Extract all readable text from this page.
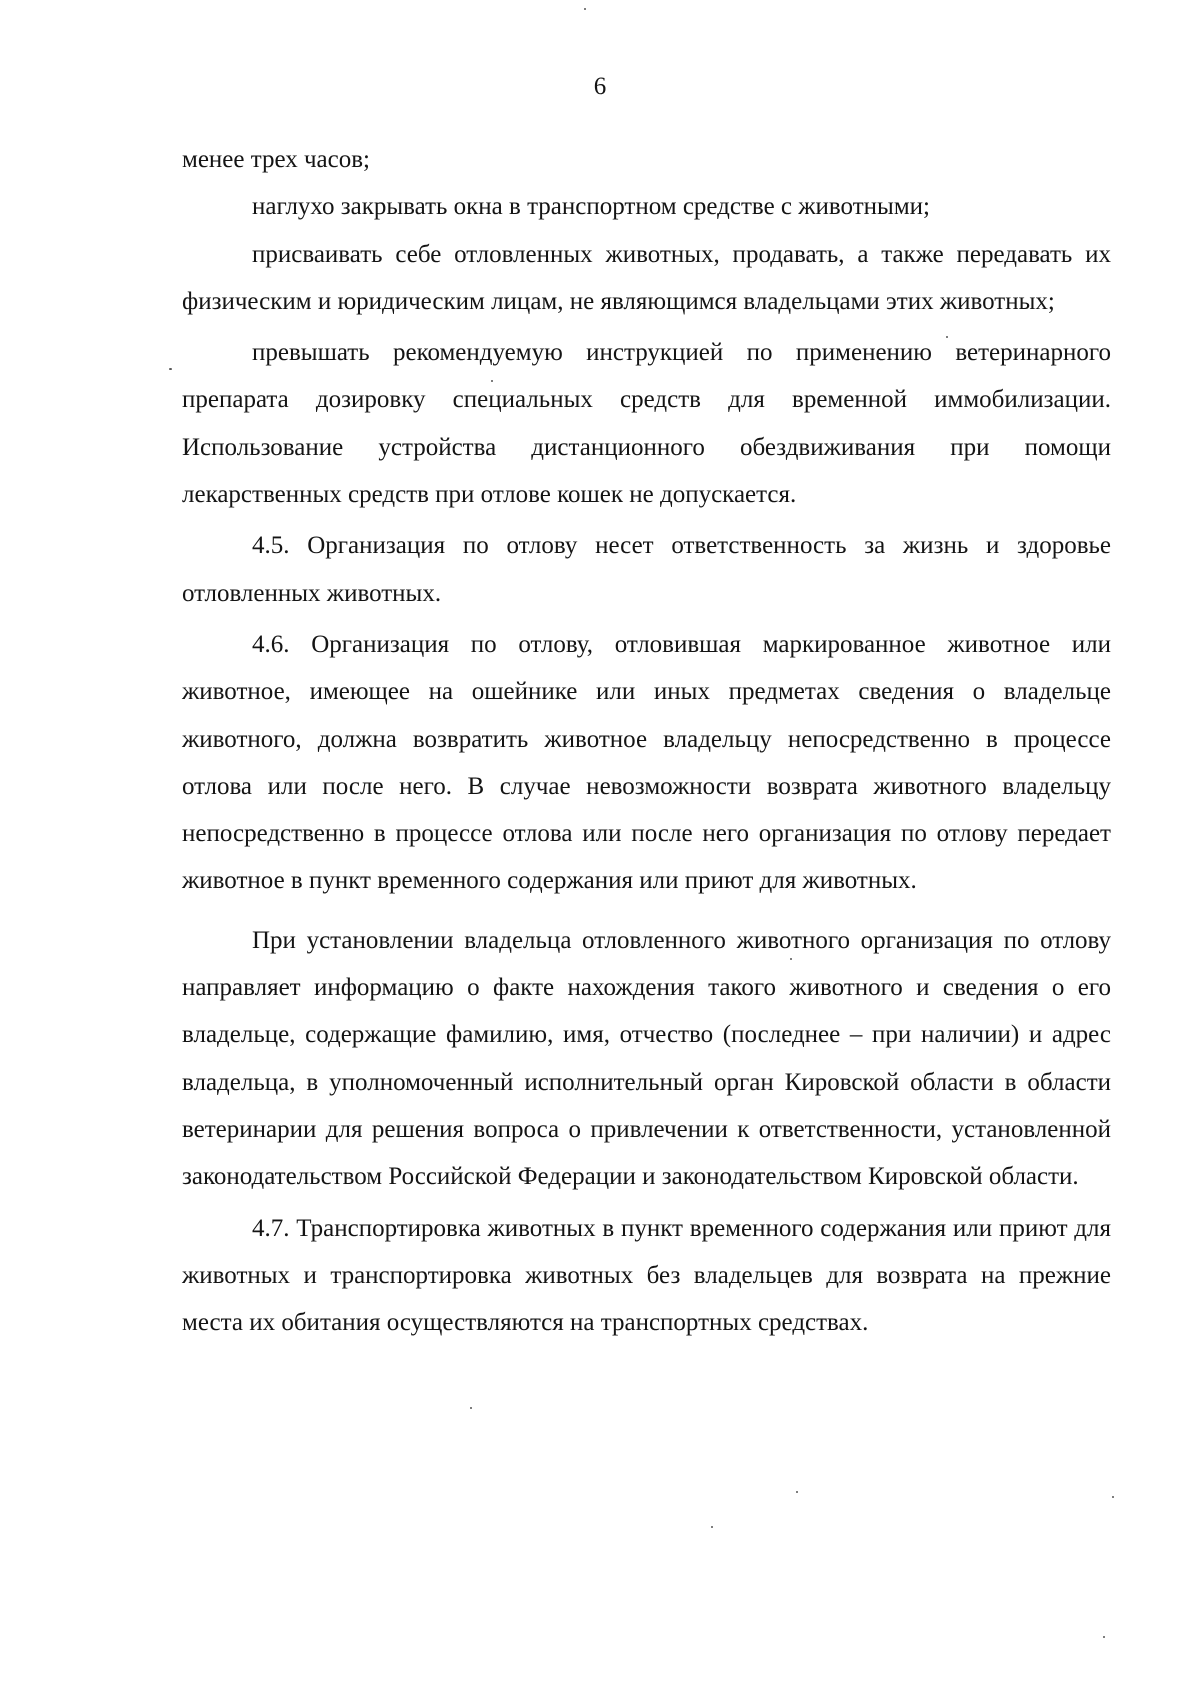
6

менее трех часов;

наглухо закрывать окна в транспортном средстве с животными;

присваивать себе отловленных животных, продавать, а также передавать их физическим и юридическим лицам, не являющимся владельцами этих животных;

превышать рекомендуемую инструкцией по применению ветеринарного препарата дозировку специальных средств для временной иммобилизации. Использование устройства дистанционного обездвиживания при помощи лекарственных средств при отлове кошек не допускается.

4.5. Организация по отлову несет ответственность за жизнь и здоровье отловленных животных.

4.6. Организация по отлову, отловившая маркированное животное или животное, имеющее на ошейнике или иных предметах сведения о владельце животного, должна возвратить животное владельцу непосредственно в процессе отлова или после него. В случае невозможности возврата животного владельцу непосредственно в процессе отлова или после него организация по отлову передает животное в пункт временного содержания или приют для животных.

При установлении владельца отловленного животного организация по отлову направляет информацию о факте нахождения такого животного и сведения о его владельце, содержащие фамилию, имя, отчество (последнее – при наличии) и адрес владельца, в уполномоченный исполнительный орган Кировской области в области ветеринарии для решения вопроса о привлечении к ответственности, установленной законодательством Российской Федерации и законодательством Кировской области.

4.7. Транспортировка животных в пункт временного содержания или приют для животных и транспортировка животных без владельцев для возврата на прежние места их обитания осуществляются на транспортных средствах.
